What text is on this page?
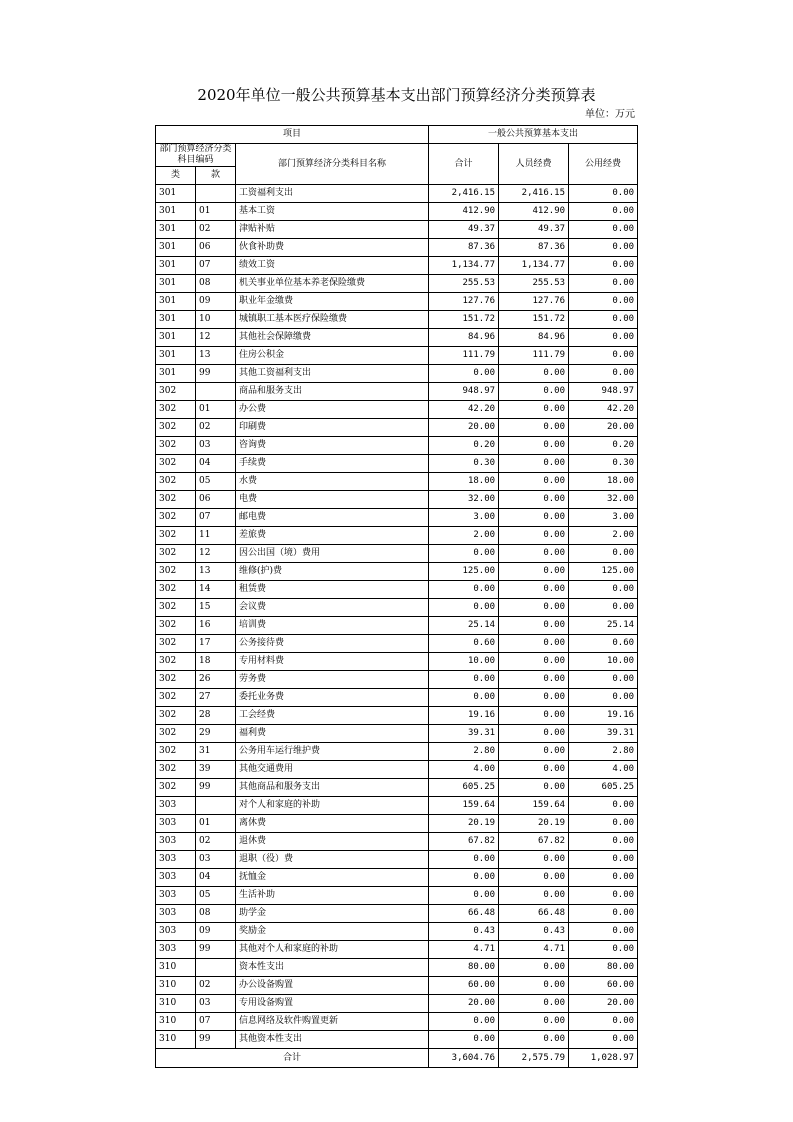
2020年单位一般公共预算基本支出部门预算经济分类预算表
单位：万元
项目			一般公共预算基本支出		
部门预算经济分类
科目编码		部门预算经济分类科目名称	合计	人员经费	公用经费
类	款				
301		工资福利支出	2,416.15	2,416.15	0.00
301	01	基本工资	412.90	412.90	0.00
301	02	津贴补贴	49.37	49.37	0.00
301	06	伙食补助费	87.36	87.36	0.00
301	07	绩效工资	1,134.77	1,134.77	0.00
301	08	机关事业单位基本养老保险缴费	255.53	255.53	0.00
301	09	职业年金缴费	127.76	127.76	0.00
301	10	城镇职工基本医疗保险缴费	151.72	151.72	0.00
301	12	其他社会保障缴费	84.96	84.96	0.00
301	13	住房公积金	111.79	111.79	0.00
301	99	其他工资福利支出	0.00	0.00	0.00
302		商品和服务支出	948.97	0.00	948.97
302	01	办公费	42.20	0.00	42.20
302	02	印刷费	20.00	0.00	20.00
302	03	咨询费	0.20	0.00	0.20
302	04	手续费	0.30	0.00	0.30
302	05	水费	18.00	0.00	18.00
302	06	电费	32.00	0.00	32.00
302	07	邮电费	3.00	0.00	3.00
302	11	差旅费	2.00	0.00	2.00
302	12	因公出国（境）费用	0.00	0.00	0.00
302	13	维修(护)费	125.00	0.00	125.00
302	14	租赁费	0.00	0.00	0.00
302	15	会议费	0.00	0.00	0.00
302	16	培训费	25.14	0.00	25.14
302	17	公务接待费	0.60	0.00	0.60
302	18	专用材料费	10.00	0.00	10.00
302	26	劳务费	0.00	0.00	0.00
302	27	委托业务费	0.00	0.00	0.00
302	28	工会经费	19.16	0.00	19.16
302	29	福利费	39.31	0.00	39.31
302	31	公务用车运行维护费	2.80	0.00	2.80
302	39	其他交通费用	4.00	0.00	4.00
302	99	其他商品和服务支出	605.25	0.00	605.25
303		对个人和家庭的补助	159.64	159.64	0.00
303	01	离休费	20.19	20.19	0.00
303	02	退休费	67.82	67.82	0.00
303	03	退职（役）费	0.00	0.00	0.00
303	04	抚恤金	0.00	0.00	0.00
303	05	生活补助	0.00	0.00	0.00
303	08	助学金	66.48	66.48	0.00
303	09	奖励金	0.43	0.43	0.00
303	99	其他对个人和家庭的补助	4.71	4.71	0.00
310		资本性支出	80.00	0.00	80.00
310	02	办公设备购置	60.00	0.00	60.00
310	03	专用设备购置	20.00	0.00	20.00
310	07	信息网络及软件购置更新	0.00	0.00	0.00
310	99	其他资本性支出	0.00	0.00	0.00
合计			3,604.76	2,575.79	1,028.97
